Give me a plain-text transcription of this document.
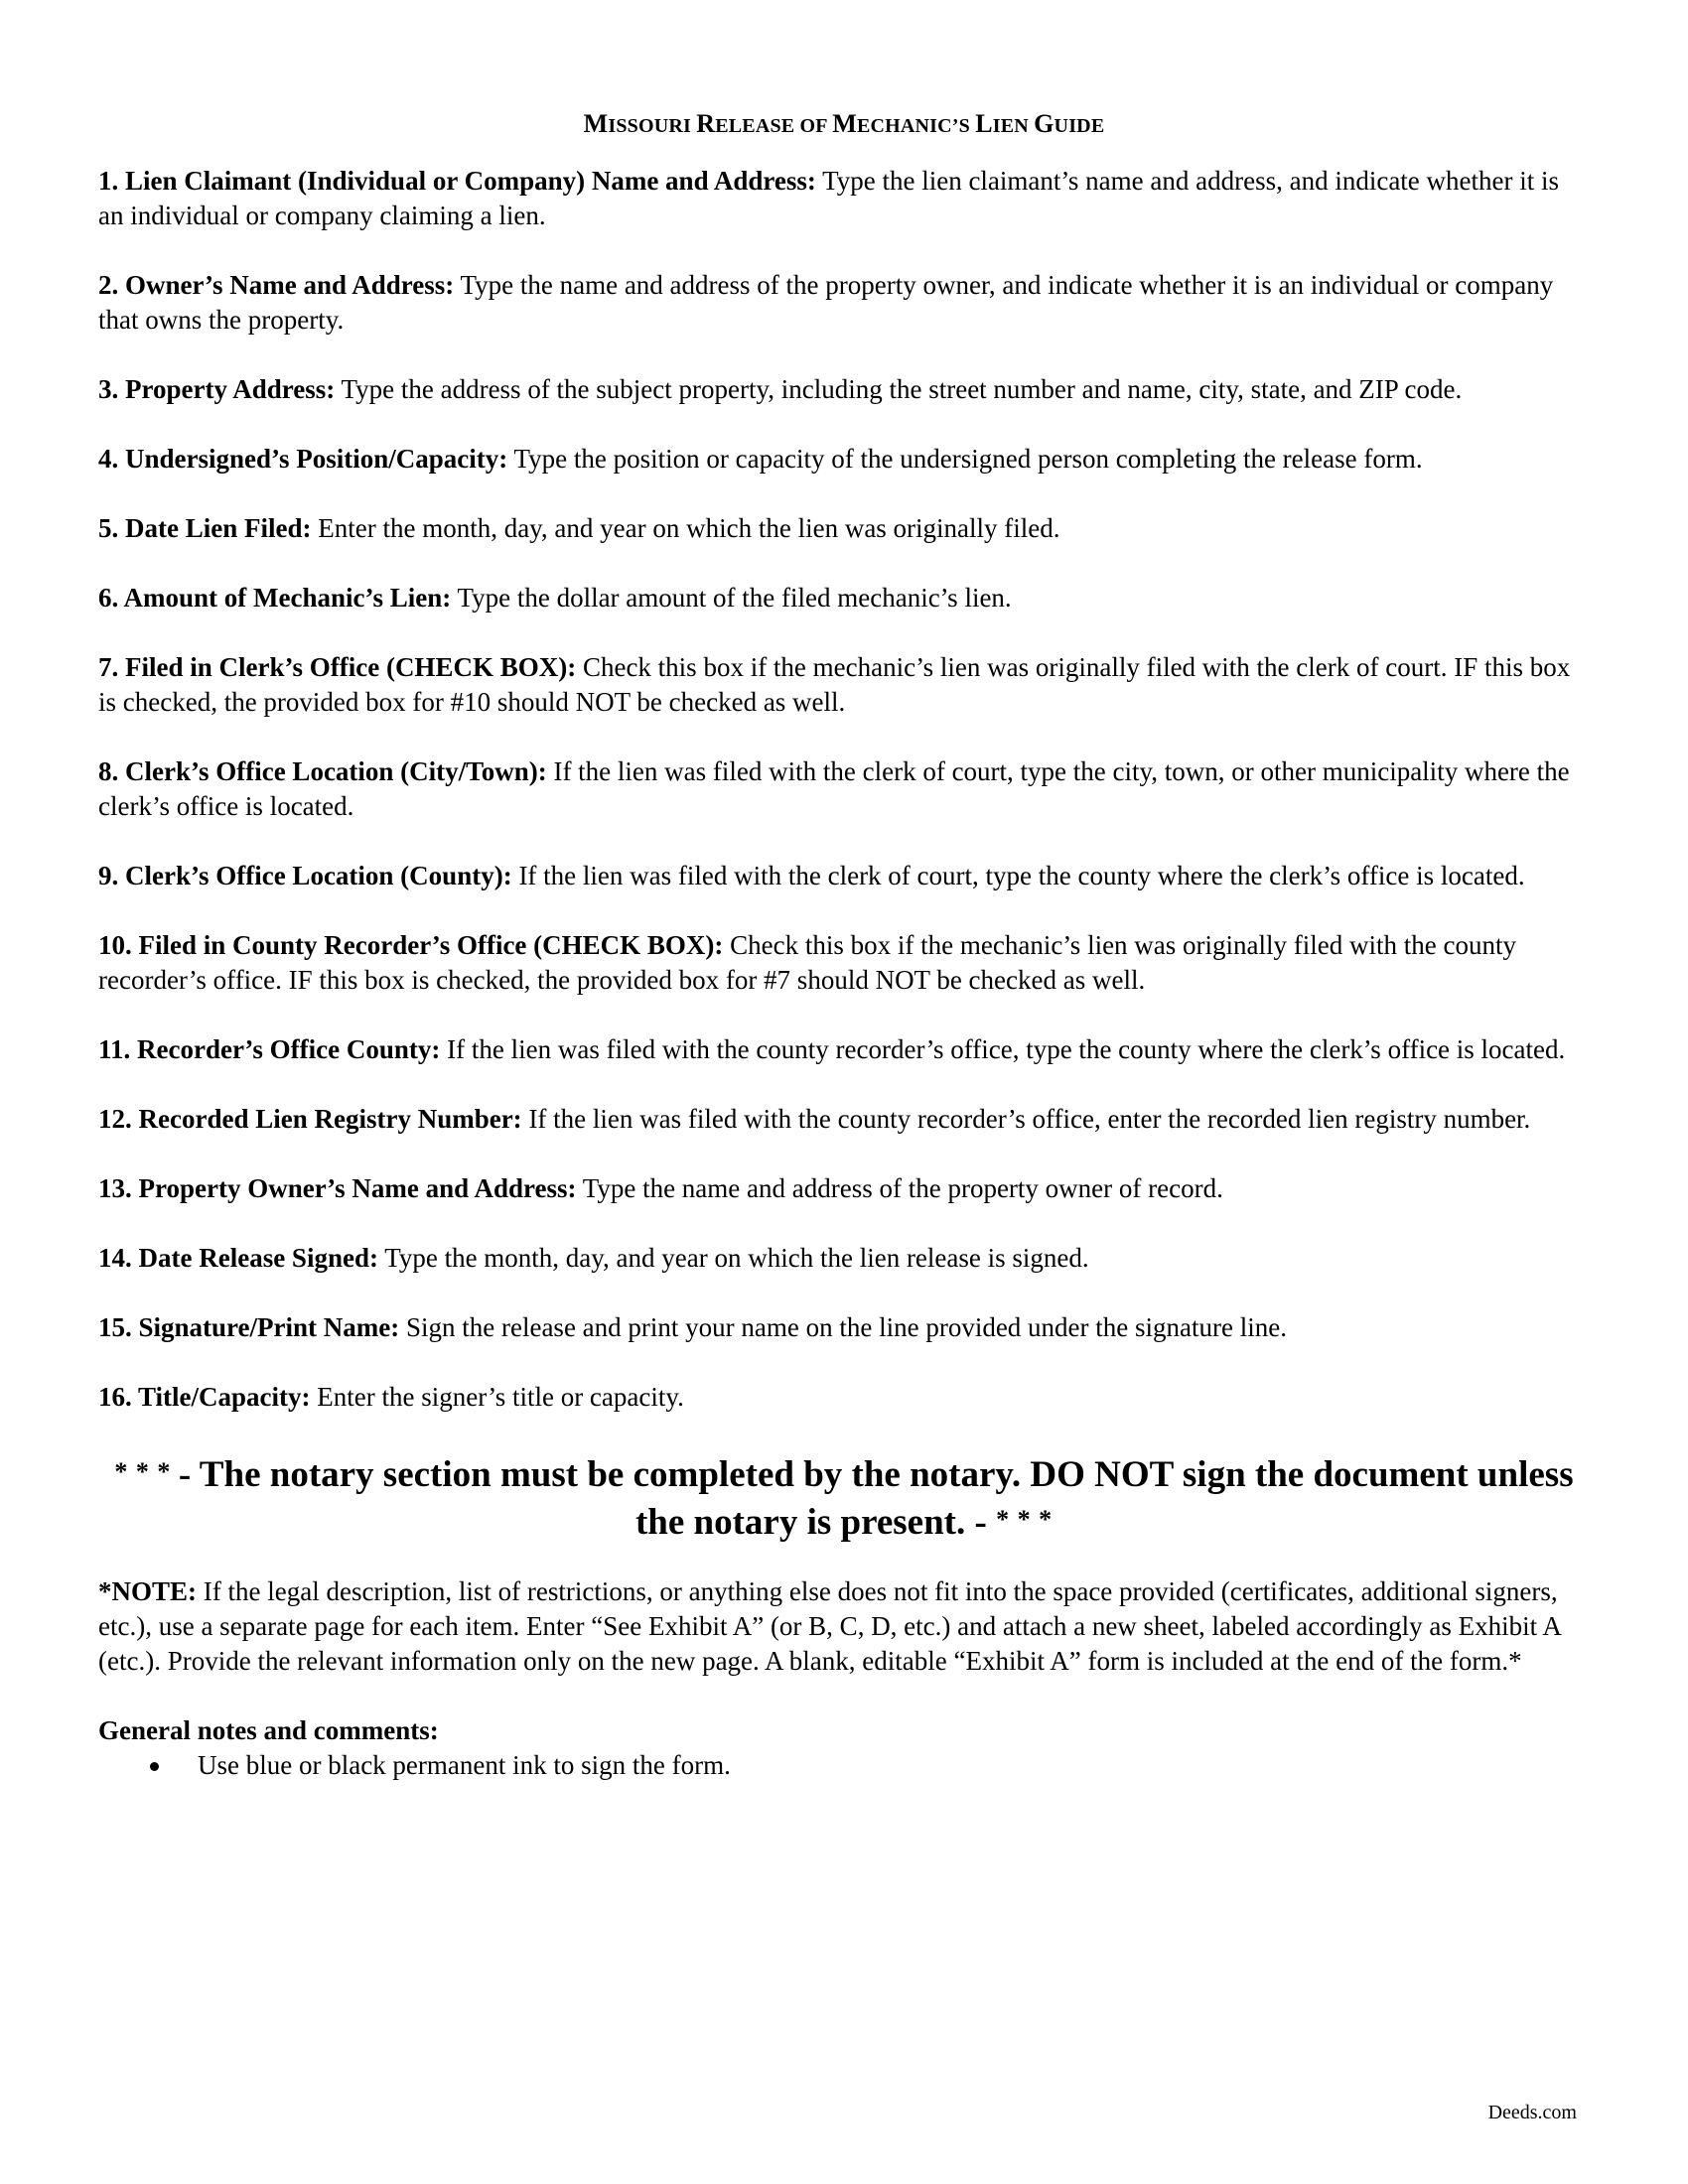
MISSOURI RELEASE OF MECHANIC’S LIEN GUIDE
1. Lien Claimant (Individual or Company) Name and Address: Type the lien claimant’s name and address, and indicate whether it is an individual or company claiming a lien.
2. Owner’s Name and Address: Type the name and address of the property owner, and indicate whether it is an individual or company that owns the property.
3. Property Address: Type the address of the subject property, including the street number and name, city, state, and ZIP code.
4. Undersigned’s Position/Capacity: Type the position or capacity of the undersigned person completing the release form.
5. Date Lien Filed: Enter the month, day, and year on which the lien was originally filed.
6. Amount of Mechanic’s Lien: Type the dollar amount of the filed mechanic’s lien.
7. Filed in Clerk’s Office (CHECK BOX): Check this box if the mechanic’s lien was originally filed with the clerk of court. IF this box is checked, the provided box for #10 should NOT be checked as well.
8. Clerk’s Office Location (City/Town): If the lien was filed with the clerk of court, type the city, town, or other municipality where the clerk’s office is located.
9. Clerk’s Office Location (County): If the lien was filed with the clerk of court, type the county where the clerk’s office is located.
10. Filed in County Recorder’s Office (CHECK BOX): Check this box if the mechanic’s lien was originally filed with the county recorder’s office. IF this box is checked, the provided box for #7 should NOT be checked as well.
11. Recorder’s Office County: If the lien was filed with the county recorder’s office, type the county where the clerk’s office is located.
12. Recorded Lien Registry Number: If the lien was filed with the county recorder’s office, enter the recorded lien registry number.
13. Property Owner’s Name and Address: Type the name and address of the property owner of record.
14. Date Release Signed: Type the month, day, and year on which the lien release is signed.
15. Signature/Print Name: Sign the release and print your name on the line provided under the signature line.
16. Title/Capacity: Enter the signer’s title or capacity.
* * * - The notary section must be completed by the notary. DO NOT sign the document unless the notary is present. - * * *
*NOTE: If the legal description, list of restrictions, or anything else does not fit into the space provided (certificates, additional signers, etc.), use a separate page for each item. Enter “See Exhibit A” (or B, C, D, etc.) and attach a new sheet, labeled accordingly as Exhibit A (etc.). Provide the relevant information only on the new page. A blank, editable “Exhibit A” form is included at the end of the form.*
General notes and comments:
Use blue or black permanent ink to sign the form.
Deeds.com
